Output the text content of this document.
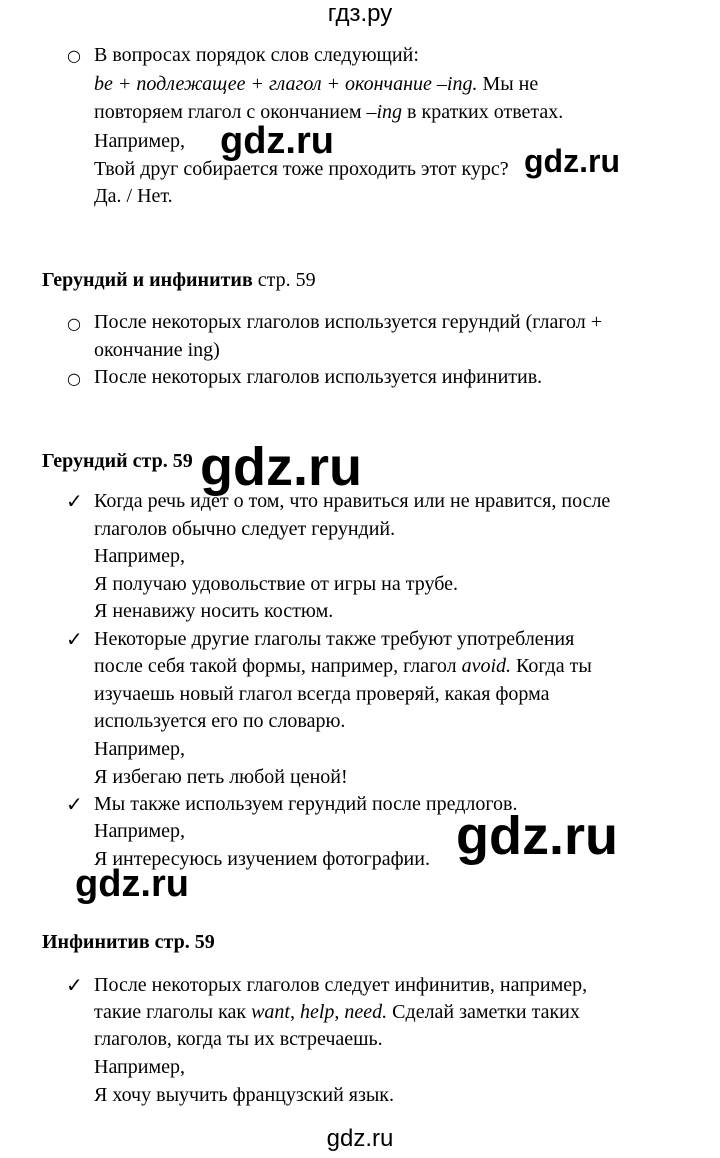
гдз.ру
○ В вопросах порядок слов следующий:
be + подлежащее + глагол + окончание –ing. Мы не
повторяем глагол с окончанием –ing в кратких ответах.
Например,
Твой друг собирается тоже проходить этот курс?
Да. / Нет.
Герундий и инфинитив стр. 59
○ После некоторых глаголов используется герундий (глагол +
окончание ing)
○ После некоторых глаголов используется инфинитив.
Герундий стр. 59
✓ Когда речь идет о том, что нравиться или не нравится, после
глаголов обычно следует герундий.
Например,
Я получаю удовольствие от игры на трубе.
Я ненавижу носить костюм.
✓ Некоторые другие глаголы также требуют употребления
после себя такой формы, например, глагол avoid. Когда ты
изучаешь новый глагол всегда проверяй, какая форма
используется его по словарю.
Например,
Я избегаю петь любой ценой!
✓ Мы также используем герундий после предлогов.
Например,
Я интересуюсь изучением фотографии.
Инфинитив стр. 59
✓ После некоторых глаголов следует инфинитив, например,
такие глаголы как want, help, need. Сделай заметки таких
глаголов, когда ты их встречаешь.
Например,
Я хочу выучить французский язык.
gdz.ru	gdz.ru
gdz.ru
gdz.ru
gdz.ru
gdz.ru
